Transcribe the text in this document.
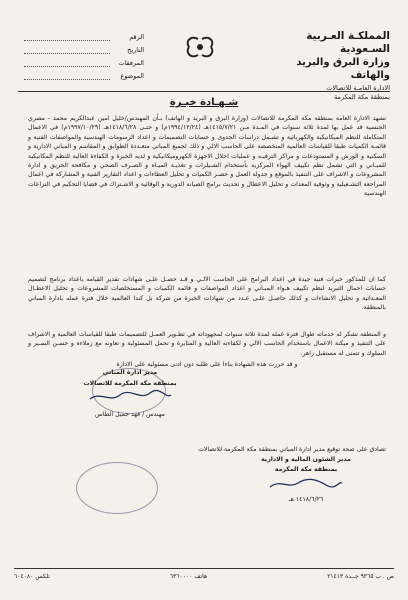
المملكـة العـربية السـعودية
وزارة البرق والبريد والهاتف
الادارة العامـة للاتصالات
بمنطقة مكة المكرمة
الرقم
التاريخ
المرفقات
الموضوع
شـهـادة خبـرة
تشهد الادارة العامة بمنطقة مكة المكرمة للاتصالات (وزارة البرق و البريد و الهاتف) بـأن المهندس/خليل امين عبدالكريم محمد - مصري الجنسية قد عمل بها لمدة ثلاثة سنوات في المـدة مـن ١٤١٥/٧/٢١هـ (١٩٩٤/١٢/٢٤م) و حتـى ١٤١٨/٦/٢٨هـ (١٩٩٧/١٠/٢٩م) في الاعمال المتكاملة للنظم الميكانيكية والكهربائية و تشـمل دراسات الجدوى و حسابات التصميمات و اعداد الرسومات الهندسية والمواصفات الفنية و قائمـة الكميات طبقا للقياسات العالمية المتخصصة على الحاسب الالي و ذلك لجميع المباني متعـددة الطوابق و المقاسم و المباني الادارية و السكنية و الورش و المستودعات و مراكز الترفيـه و عمليات احلال الاجهزة الكهروميكانيكية و لديه الخبرة و الكفاءة العالية للنظم المكانيكية للمبـاني و التي تشمل نظم تكييف الهواء المركزية بأستخدام الشـيلرات و تغذيـة الميـاه و الصـرف الصحي و مكافحة الحريق و ادارة المشروعات و الاشراف على التنفيذ بالموقع و جدولة العمل و حصـر الكميات و تحليل العطاءات و اعداد التقارير الفنية و المشاركة في اعمال المراجعة التشـغيلية و وثوقية المعدات و تحليل الاعطال و تحديث برامج الصيانة الدورية و الوقائية و الاشـتراك في قضايا التحكيم في النزاعات الهندسية
كما ان للمذكور خبرات فنية جيدة في اعداد البرامج على الحاسب الالـي و قـد حصـل علـى شهادات تقدير القيامه باعداد برنامج لتصميم حسابات احمال التبريد لنظم تكييف هـواء المبـاني و اعداد المواصفات و قائمة الكميات و المستخلصات للمشروعات و تحليل الاعطـال المعـداتية و تحليل الانشاءات و كذلك حاصـل علـى عـدد من شهادات الخبرة من شركة بل كندا العالمية خلال فترة عمله بادارة المباني بالمنطقة.
و المنطقة تشكر له خدماته طوال فترة عمله لمدة ثلاثة سنوات لمجهوداته في تطـوير العمـل للتصميمات طبقا للقياسات العالمية و الاشراف على التنفيذ و ميكنة الاعمال باستخدام الحاسب الالي و لكفاءته العالية و المثابرة و تحمل المسئولية و تعاونه مع زملاءه و حسـن السـير و السلوك و تتمنى له مستقبل زاهر.
و قد حررت هذه الشهادة بناءا على طلبه دون ادنى مسئولية على الادارة
مدير ادارة المباني
بمنطقة مكة المكرمة للاتصالات
مهندس / فهد جميل الطاس
تصادق على صحة توقيع مدير ادارة المباني بمنطقة مكة المكرمة للاتصالات
مدير الشئون المالية و الادارية
بمنطقة مكة المكرمة
١٤١٨/٦/٢٦ هـ
ص . ب ٩٣٦٥ جــدة ٢١٤١٣
هاتف ٦٣٦٠٠٠٠
تلكس ٦٠٤٠٨٠
